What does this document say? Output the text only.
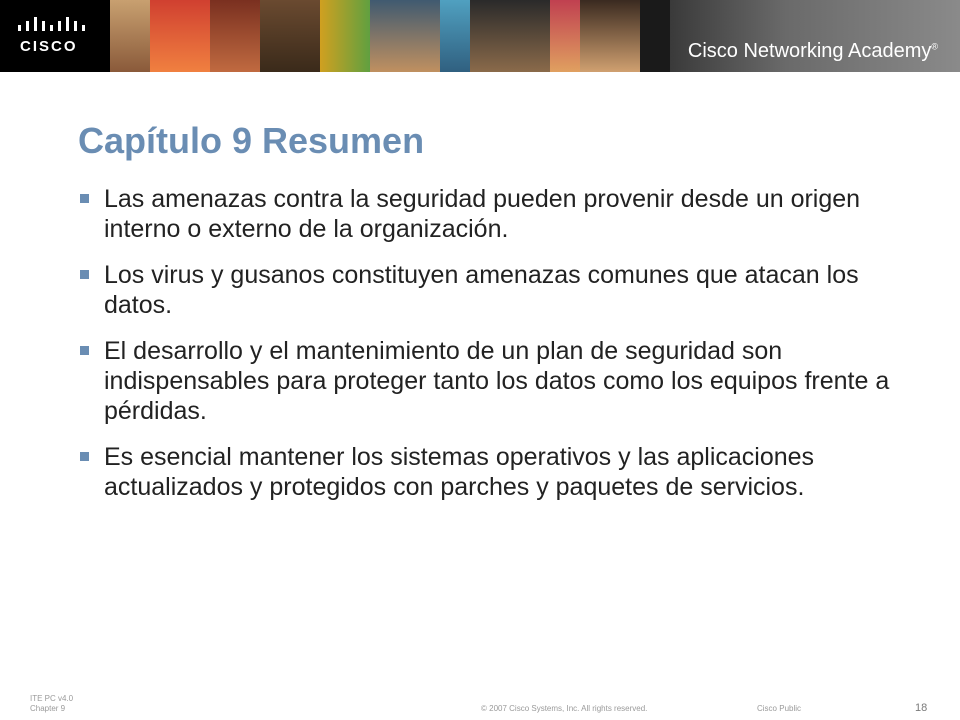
CISCO	Cisco Networking Academy®
Capítulo 9 Resumen
Las amenazas contra la seguridad pueden provenir desde un origen interno o externo de la organización.
Los virus y gusanos constituyen amenazas comunes que atacan los datos.
El desarrollo y el mantenimiento de un plan de seguridad son indispensables para proteger tanto los datos como los equipos frente a pérdidas.
Es esencial mantener los sistemas operativos y las aplicaciones actualizados y protegidos con parches y paquetes de servicios.
ITE PC v4.0
Chapter 9	© 2007 Cisco Systems, Inc. All rights reserved.	Cisco Public	18
